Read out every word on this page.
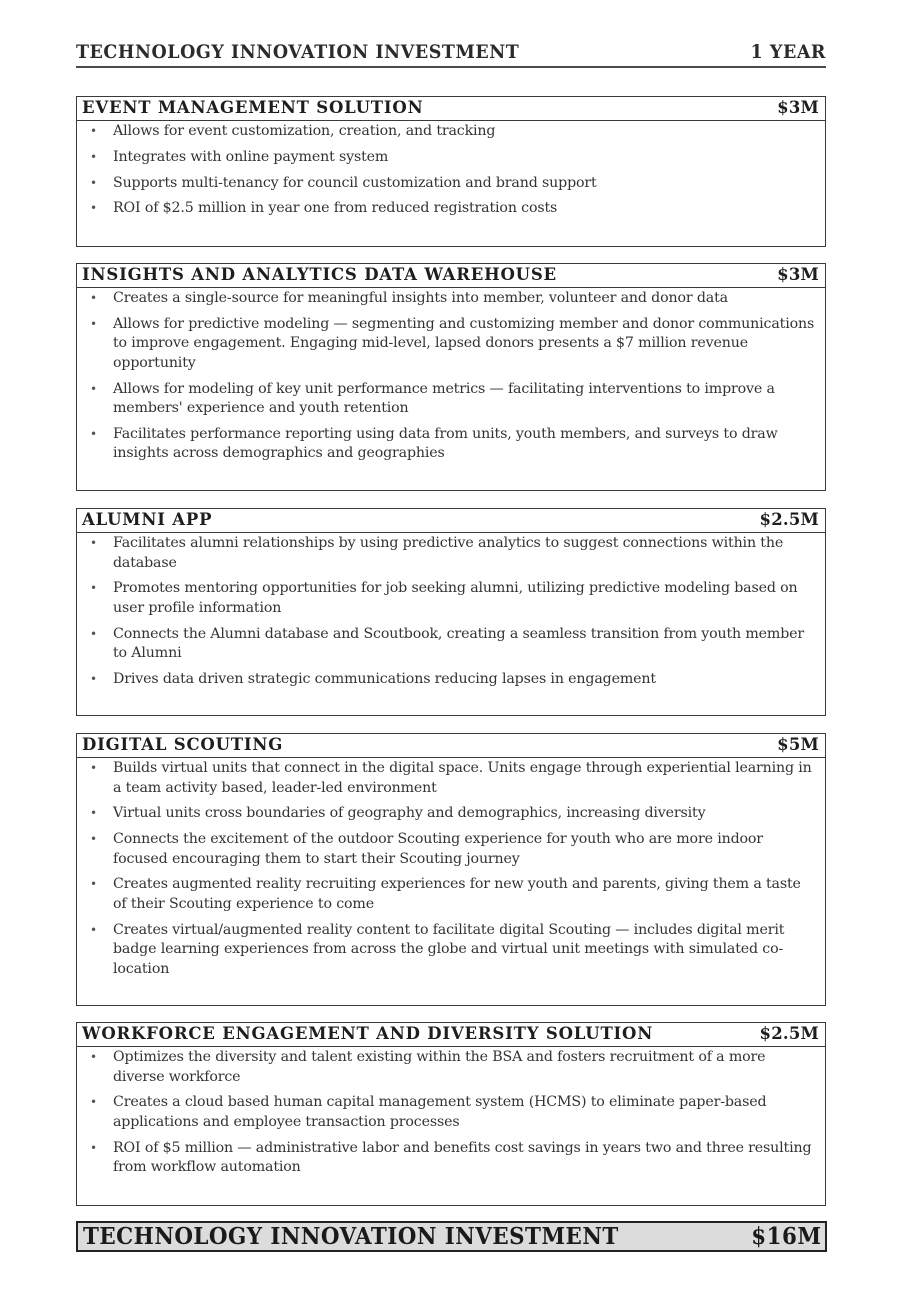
TECHNOLOGY INNOVATION INVESTMENT	1 YEAR
EVENT MANAGEMENT SOLUTION	$3M
• Allows for event customization, creation, and tracking
• Integrates with online payment system
• Supports multi-tenancy for council customization and brand support
• ROI of $2.5 million in year one from reduced registration costs
INSIGHTS AND ANALYTICS DATA WAREHOUSE	$3M
• Creates a single-source for meaningful insights into member, volunteer and donor data
• Allows for predictive modeling — segmenting and customizing member and donor communications to improve engagement. Engaging mid-level, lapsed donors presents a $7 million revenue opportunity
• Allows for modeling of key unit performance metrics — facilitating interventions to improve a members' experience and youth retention
• Facilitates performance reporting using data from units, youth members, and surveys to draw insights across demographics and geographies
ALUMNI APP	$2.5M
• Facilitates alumni relationships by using predictive analytics to suggest connections within the database
• Promotes mentoring opportunities for job seeking alumni, utilizing predictive modeling based on user profile information
• Connects the Alumni database and Scoutbook, creating a seamless transition from youth member to Alumni
• Drives data driven strategic communications reducing lapses in engagement
DIGITAL SCOUTING	$5M
• Builds virtual units that connect in the digital space. Units engage through experiential learning in a team activity based, leader-led environment
• Virtual units cross boundaries of geography and demographics, increasing diversity
• Connects the excitement of the outdoor Scouting experience for youth who are more indoor focused encouraging them to start their Scouting journey
• Creates augmented reality recruiting experiences for new youth and parents, giving them a taste of their Scouting experience to come
• Creates virtual/augmented reality content to facilitate digital Scouting — includes digital merit badge learning experiences from across the globe and virtual unit meetings with simulated co-location
WORKFORCE ENGAGEMENT AND DIVERSITY SOLUTION	$2.5M
• Optimizes the diversity and talent existing within the BSA and fosters recruitment of a more diverse workforce
• Creates a cloud based human capital management system (HCMS) to eliminate paper-based applications and employee transaction processes
• ROI of $5 million — administrative labor and benefits cost savings in years two and three resulting from workflow automation
TECHNOLOGY INNOVATION INVESTMENT	$16M
